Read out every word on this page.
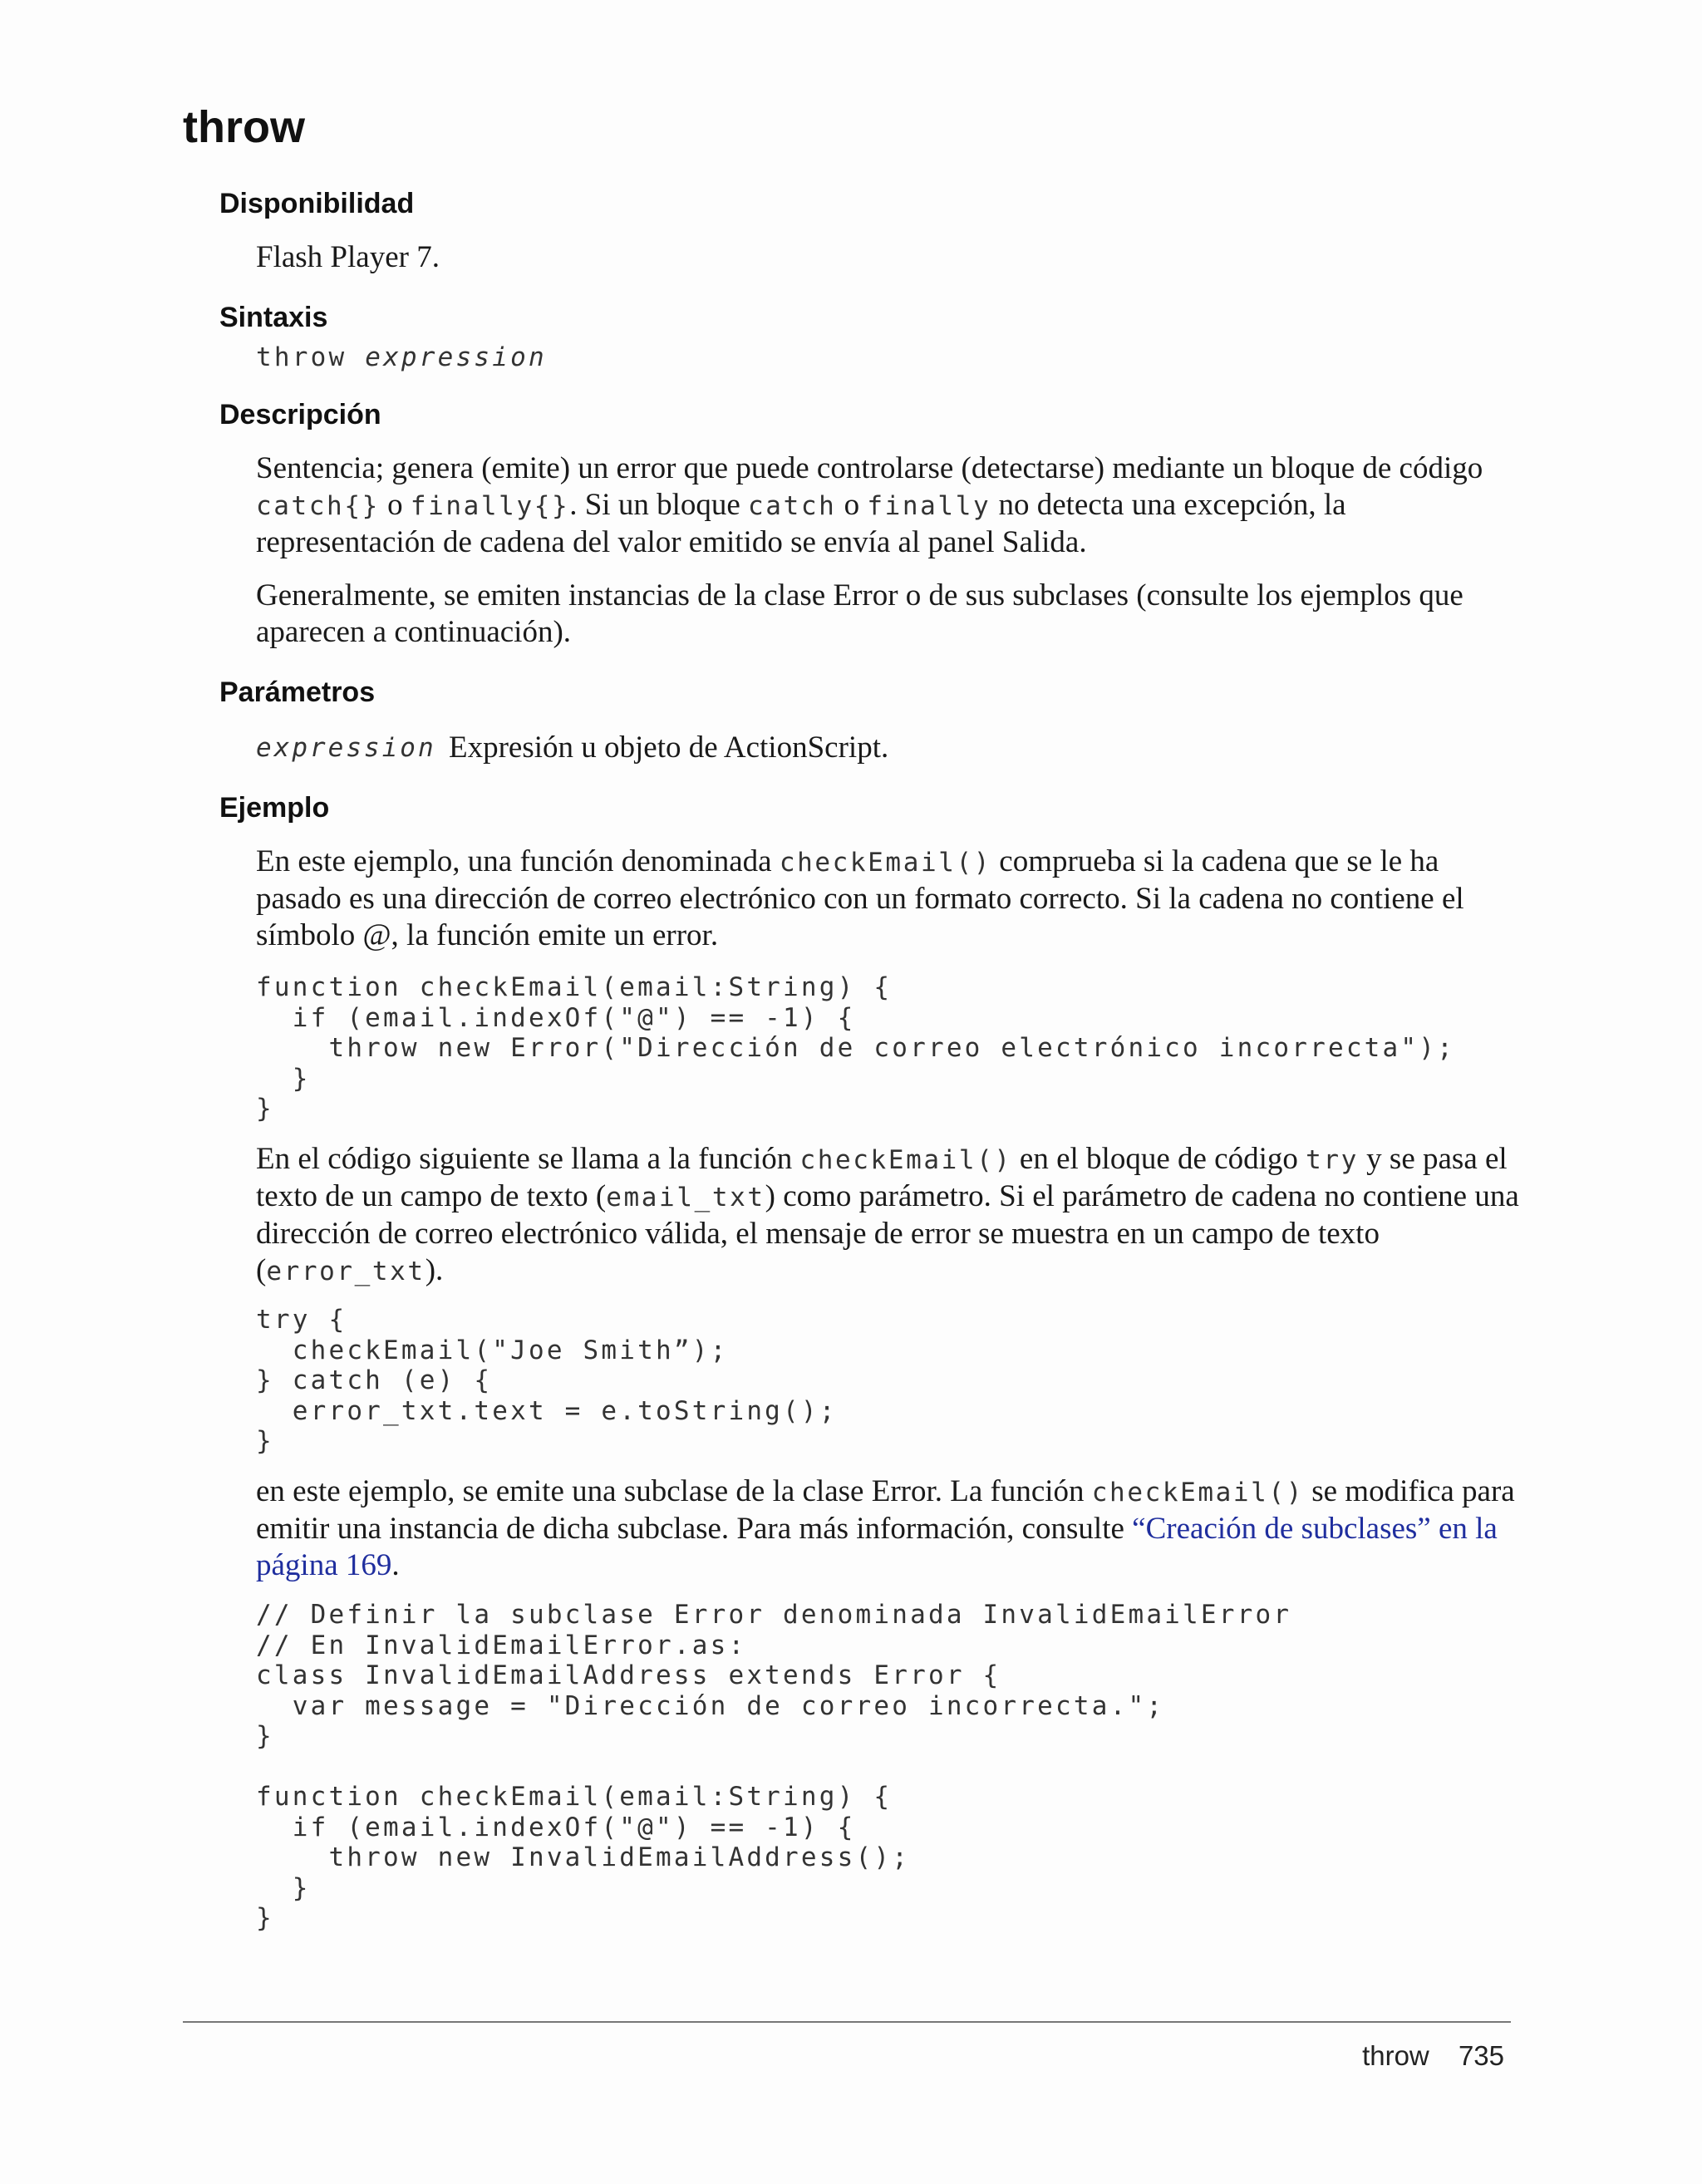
throw
Disponibilidad

Flash Player 7.

Sintaxis
throw expression
Descripción

Sentencia; genera (emite) un error que puede controlarse (detectarse) mediante un bloque de código catch{} o finally{}. Si un bloque catch o finally no detecta una excepción, la representación de cadena del valor emitido se envía al panel Salida.

Generalmente, se emiten instancias de la clase Error o de sus subclases (consulte los ejemplos que aparecen a continuación).

Parámetros
expression Expresión u objeto de ActionScript.
Ejemplo

En este ejemplo, una función denominada checkEmail() comprueba si la cadena que se le ha pasado es una dirección de correo electrónico con un formato correcto. Si la cadena no contiene el símbolo @, la función emite un error.

function checkEmail(email:String) {
if (email.indexOf("@") == -1) {
throw new Error("Dirección de correo electrónico incorrecta");
}
}

En el código siguiente se llama a la función checkEmail() en el bloque de código try y se pasa el texto de un campo de texto (email_txt) como parámetro. Si el parámetro de cadena no contiene una dirección de correo electrónico válida, el mensaje de error se muestra en un campo de texto (error_txt).

try {
checkEmail("Joe Smith”);
} catch (e) {
error_txt.text = e.toString();
}

en este ejemplo, se emite una subclase de la clase Error. La función checkEmail() se modifica para emitir una instancia de dicha subclase. Para más información, consulte “Creación de subclases” en la página 169.

// Definir la subclase Error denominada InvalidEmailError
// En InvalidEmailError.as:
class InvalidEmailAddress extends Error {
var message = "Dirección de correo incorrecta.";
}

function checkEmail(email:String) {
if (email.indexOf("@") == -1) {
throw new InvalidEmailAddress();
}
}
throw 735
